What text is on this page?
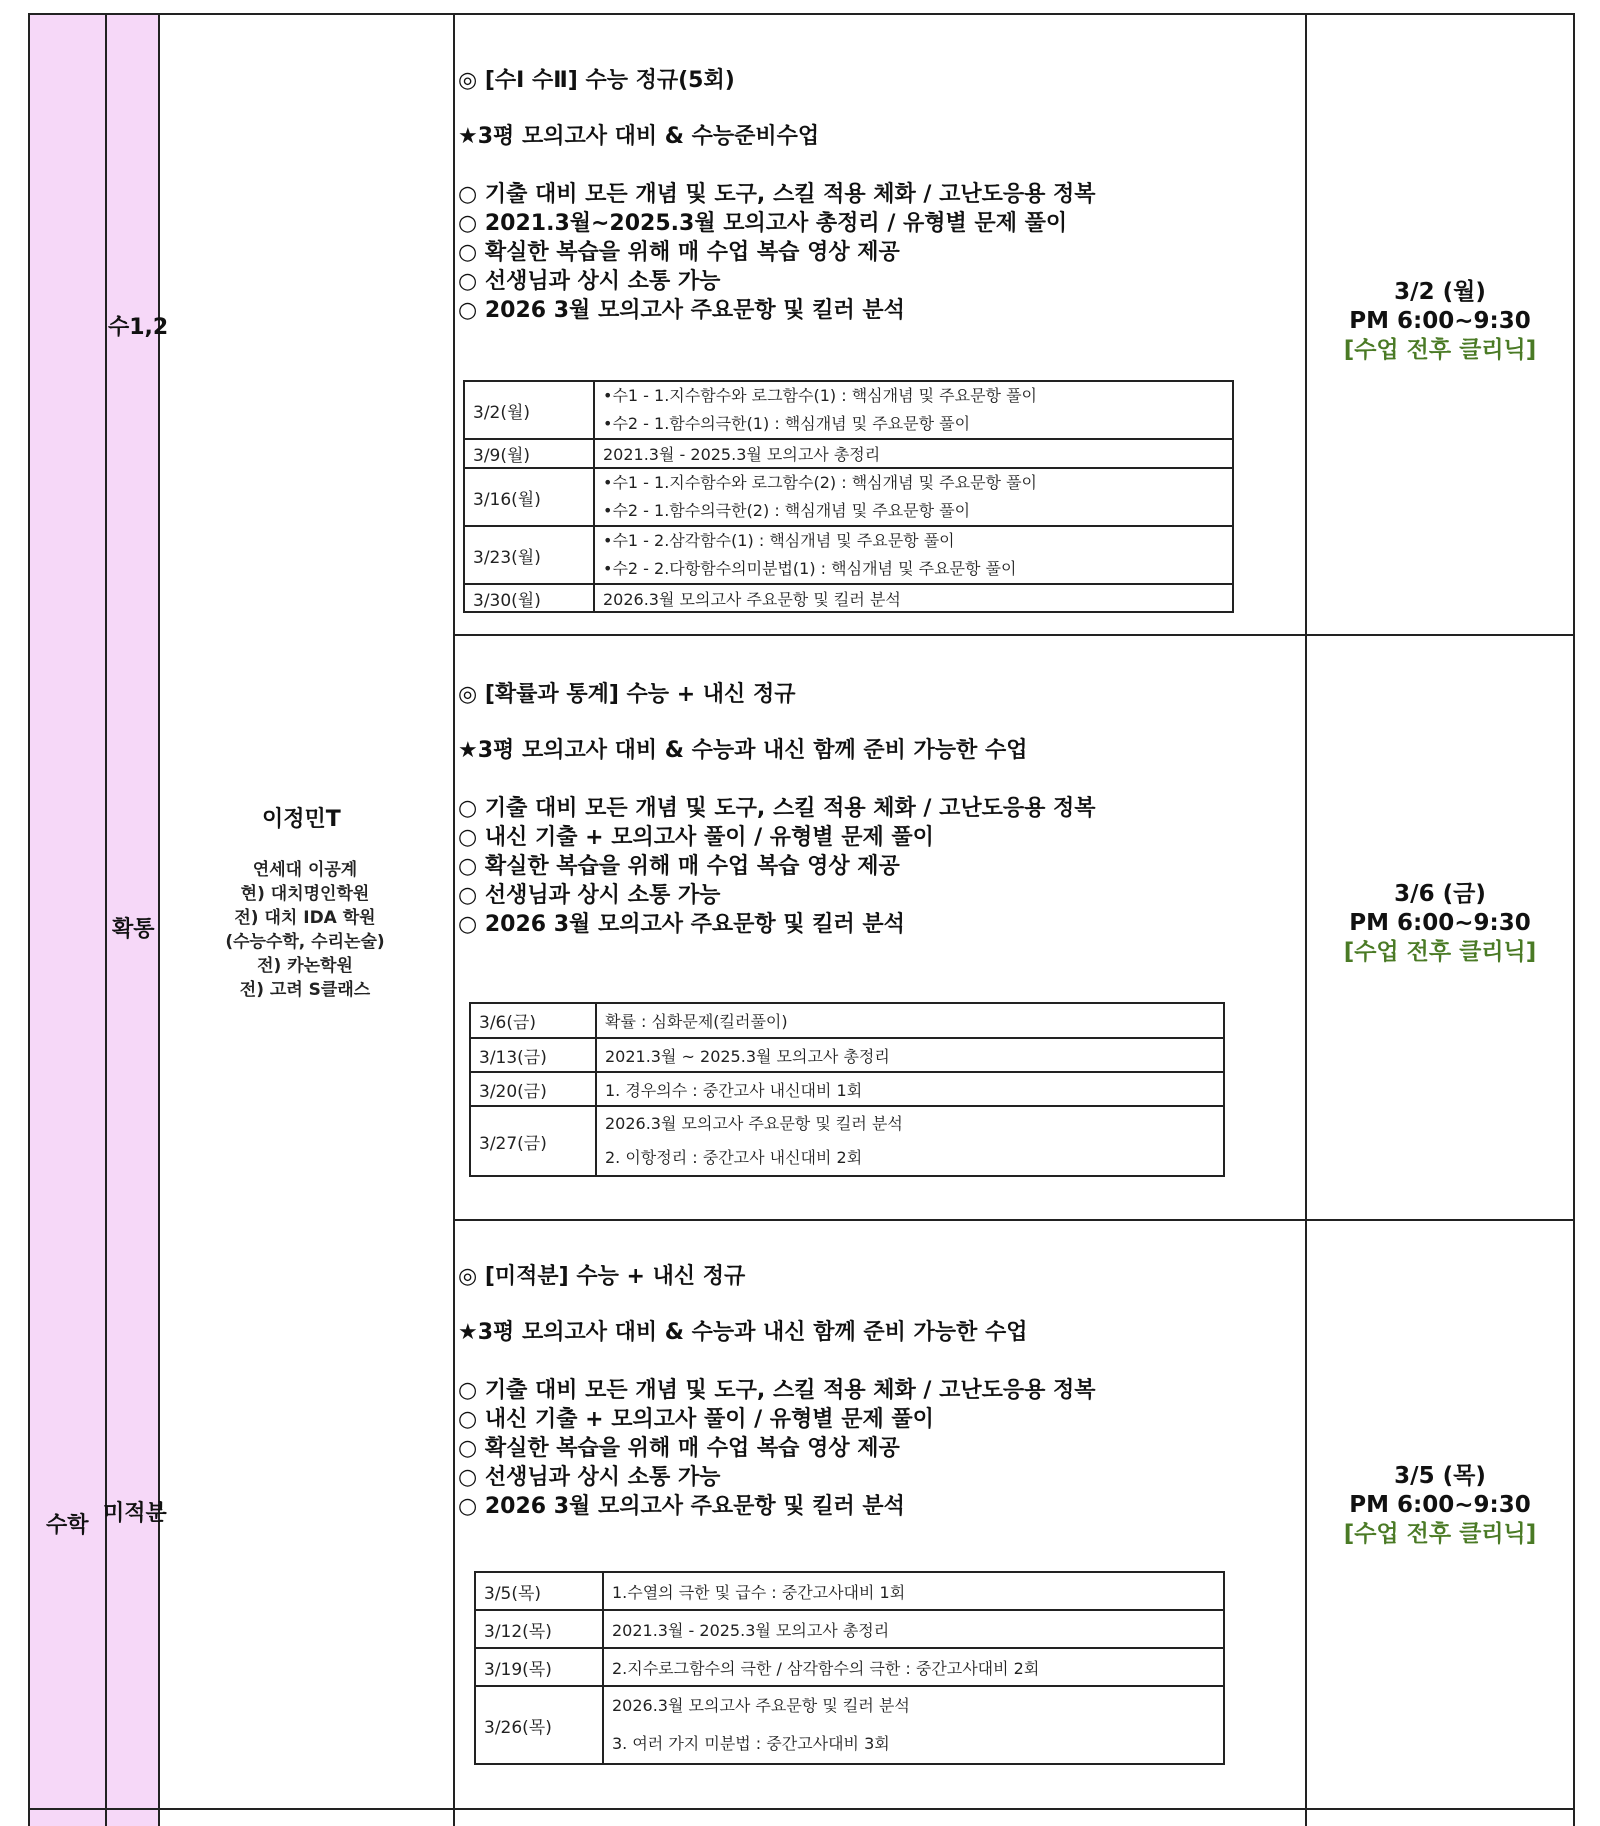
수학
수1,2
확통
미적분
이정민T
연세대 이공계
현) 대치명인학원
전) 대치 IDA 학원
(수능수학, 수리논술)
전) 카논학원
전) 고려 S클래스
◎ [수Ⅰ 수Ⅱ] 수능 정규(5회)
★3평 모의고사 대비 & 수능준비수업
○ 기출 대비 모든 개념 및 도구, 스킬 적용 체화 / 고난도응용 정복
○ 2021.3월~2025.3월 모의고사 총정리 / 유형별 문제 풀이
○ 확실한 복습을 위해 매 수업 복습 영상 제공
○ 선생님과 상시 소통 가능
○ 2026 3월 모의고사 주요문항 및 킬러 분석
3/2(월)	•수1 - 1.지수함수와 로그함수(1) : 핵심개념 및 주요문항 풀이
•수2 - 1.함수의극한(1) : 핵심개념 및 주요문항 풀이

3/9(월)	2021.3월 - 2025.3월 모의고사 총정리

3/16(월)	•수1 - 1.지수함수와 로그함수(2) : 핵심개념 및 주요문항 풀이
•수2 - 1.함수의극한(2) : 핵심개념 및 주요문항 풀이

3/23(월)	•수1 - 2.삼각함수(1) : 핵심개념 및 주요문항 풀이
•수2 - 2.다항함수의미분법(1) : 핵심개념 및 주요문항 풀이

3/30(월)	2026.3월 모의고사 주요문항 및 킬러 분석
3/2 (월)
PM 6:00~9:30
[수업 전후 클리닉]
◎ [확률과 통계] 수능 + 내신 정규
★3평 모의고사 대비 & 수능과 내신 함께 준비 가능한 수업
○ 기출 대비 모든 개념 및 도구, 스킬 적용 체화 / 고난도응용 정복
○ 내신 기출 + 모의고사 풀이 / 유형별 문제 풀이
○ 확실한 복습을 위해 매 수업 복습 영상 제공
○ 선생님과 상시 소통 가능
○ 2026 3월 모의고사 주요문항 및 킬러 분석
3/6(금)	확률 : 심화문제(킬러풀이)

3/13(금)	2021.3월 ~ 2025.3월 모의고사 총정리

3/20(금)	1. 경우의수 : 중간고사 내신대비 1회

3/27(금)	2026.3월 모의고사 주요문항 및 킬러 분석
2. 이항정리 : 중간고사 내신대비 2회
3/6 (금)
PM 6:00~9:30
[수업 전후 클리닉]
◎ [미적분] 수능 + 내신 정규
★3평 모의고사 대비 & 수능과 내신 함께 준비 가능한 수업
○ 기출 대비 모든 개념 및 도구, 스킬 적용 체화 / 고난도응용 정복
○ 내신 기출 + 모의고사 풀이 / 유형별 문제 풀이
○ 확실한 복습을 위해 매 수업 복습 영상 제공
○ 선생님과 상시 소통 가능
○ 2026 3월 모의고사 주요문항 및 킬러 분석
3/5(목)	1.수열의 극한 및 급수 : 중간고사대비 1회

3/12(목)	2021.3월 - 2025.3월 모의고사 총정리

3/19(목)	2.지수로그함수의 극한 / 삼각함수의 극한 : 중간고사대비 2회

3/26(목)	2026.3월 모의고사 주요문항 및 킬러 분석
3. 여러 가지 미분법 : 중간고사대비 3회
3/5 (목)
PM 6:00~9:30
[수업 전후 클리닉]
